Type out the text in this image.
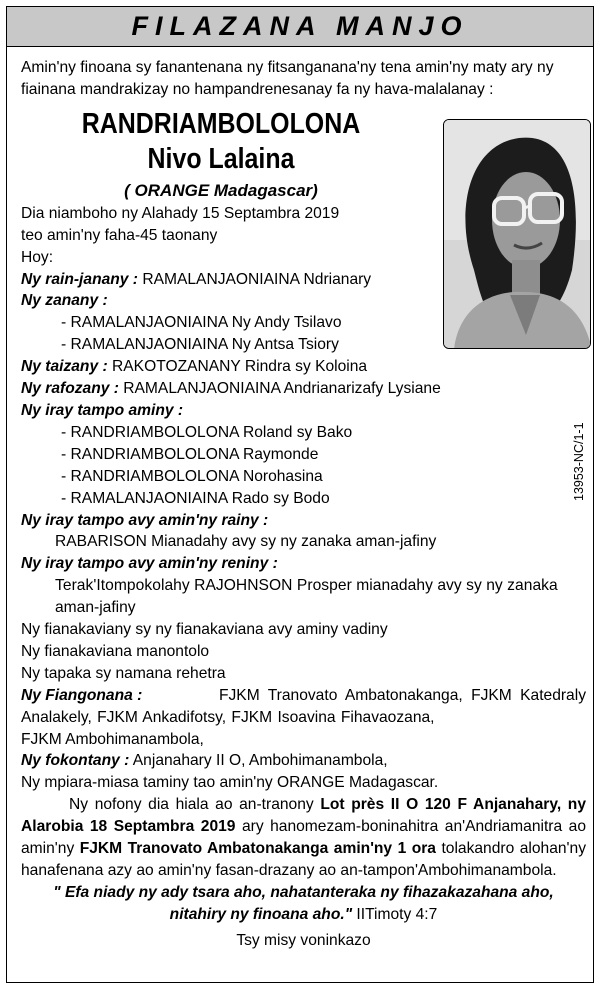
FILAZANA MANJO
13953-NC/1-1
Amin'ny finoana sy fanantenana ny fitsanganana'ny tena amin'ny maty ary ny fiainana mandrakizay no hampandrenesanay fa ny hava-malalanay :
RANDRIAMBOLOLONA
Nivo Lalaina
( ORANGE Madagascar)
Dia niamboho ny Alahady 15 Septambra 2019
teo amin'ny faha-45 taonany
Hoy:
Ny rain-janany : RAMALANJAONIAINA Ndrianary
Ny zanany :
- RAMALANJAONIAINA Ny Andy Tsilavo
- RAMALANJAONIAINA Ny Antsa Tsiory
Ny taizany : RAKOTOZANANY Rindra sy Koloina
Ny rafozany : RAMALANJAONIAINA Andrianarizafy Lysiane
Ny iray tampo aminy :
- RANDRIAMBOLOLONA Roland sy Bako
- RANDRIAMBOLOLONA Raymonde
- RANDRIAMBOLOLONA Norohasina
- RAMALANJAONIAINA Rado sy Bodo
Ny iray tampo avy amin'ny rainy :
RABARISON Mianadahy avy sy ny zanaka aman-jafiny
Ny iray tampo avy amin'ny reniny :
Terak'Itompokolahy RAJOHNSON Prosper mianadahy avy sy ny zanaka
aman-jafiny
Ny fianakaviany sy ny fianakaviana avy aminy vadiny
Ny fianakaviana manontolo
Ny tapaka sy namana rehetra
Ny Fiangonana :	FJKM Tranovato Ambatonakanga, FJKM Katedraly
Analakely, FJKM Ankadifotsy, FJKM Isoavina Fihavaozana,
FJKM Ambohimanambola,
Ny fokontany : Anjanahary II O, Ambohimanambola,
Ny mpiara-miasa taminy tao amin'ny ORANGE Madagascar.
Ny nofony dia hiala ao an-tranony Lot près II O 120 F Anjanahary, ny Alarobia 18 Septambra 2019 ary hanomezam-boninahitra an'Andriamanitra ao amin'ny FJKM Tranovato Ambatonakanga amin'ny 1 ora tolakandro alohan'ny hanafenana azy ao amin'ny fasan-drazany ao an-tampon'Ambohimanambola.
" Efa niady ny ady tsara aho, nahatanteraka ny fihazakazahana aho,
nitahiry ny finoana aho." IITimoty 4:7
Tsy misy voninkazo
